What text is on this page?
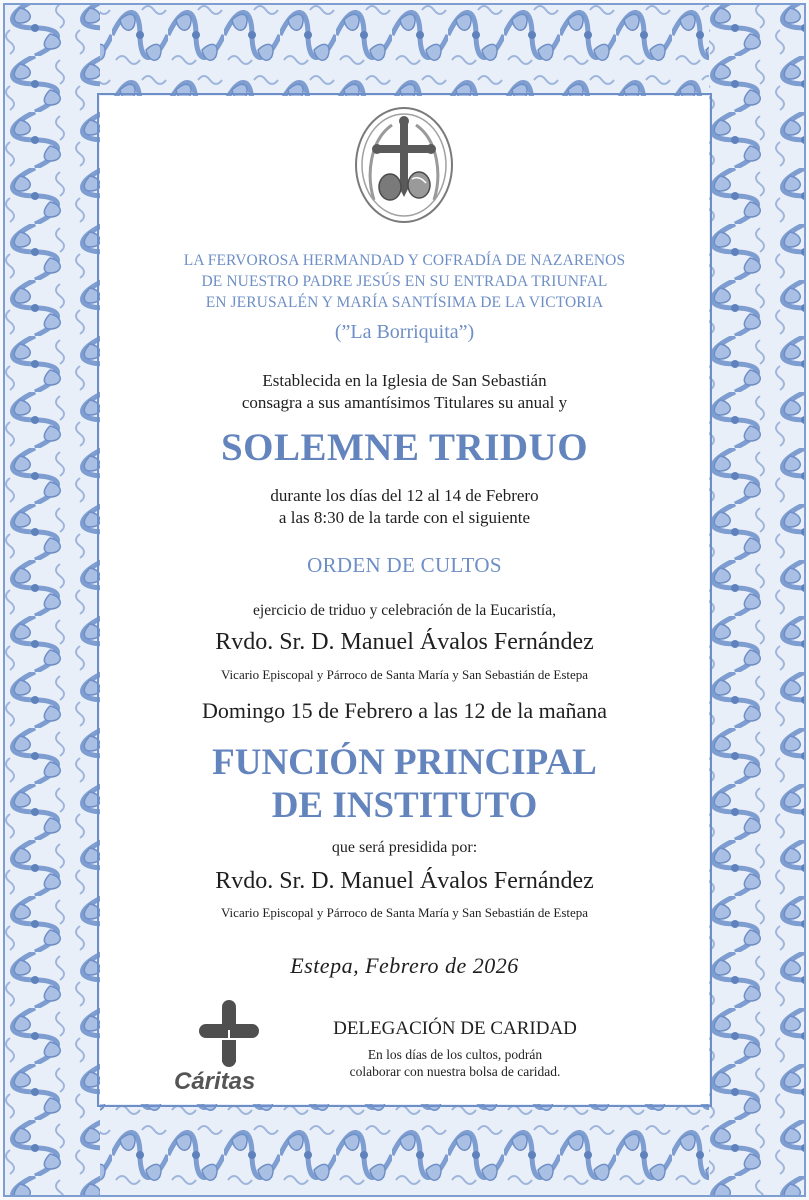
LA FERVOROSA HERMANDAD Y COFRADÍA DE NAZARENOS
DE NUESTRO PADRE JESÚS EN SU ENTRADA TRIUNFAL
EN JERUSALÉN Y MARÍA SANTÍSIMA DE LA VICTORIA
(”La Borriquita”)
Establecida en la Iglesia de San Sebastián
consagra a sus amantísimos Titulares su anual y
SOLEMNE TRIDUO
durante los días del 12 al 14 de Febrero
a las 8:30 de la tarde con el siguiente
ORDEN DE CULTOS
ejercicio de triduo y celebración de la Eucaristía,
Rvdo. Sr. D. Manuel Ávalos Fernández
Vicario Episcopal y Párroco de Santa María y San Sebastián de Estepa
Domingo 15 de Febrero a las 12 de la mañana
FUNCIÓN PRINCIPAL
DE INSTITUTO
que será presidida por:
Rvdo. Sr. D. Manuel Ávalos Fernández
Vicario Episcopal y Párroco de Santa María y San Sebastián de Estepa
Estepa, Febrero de 2026
Cáritas
DELEGACIÓN DE CARIDAD
En los días de los cultos, podrán
colaborar con nuestra bolsa de caridad.
